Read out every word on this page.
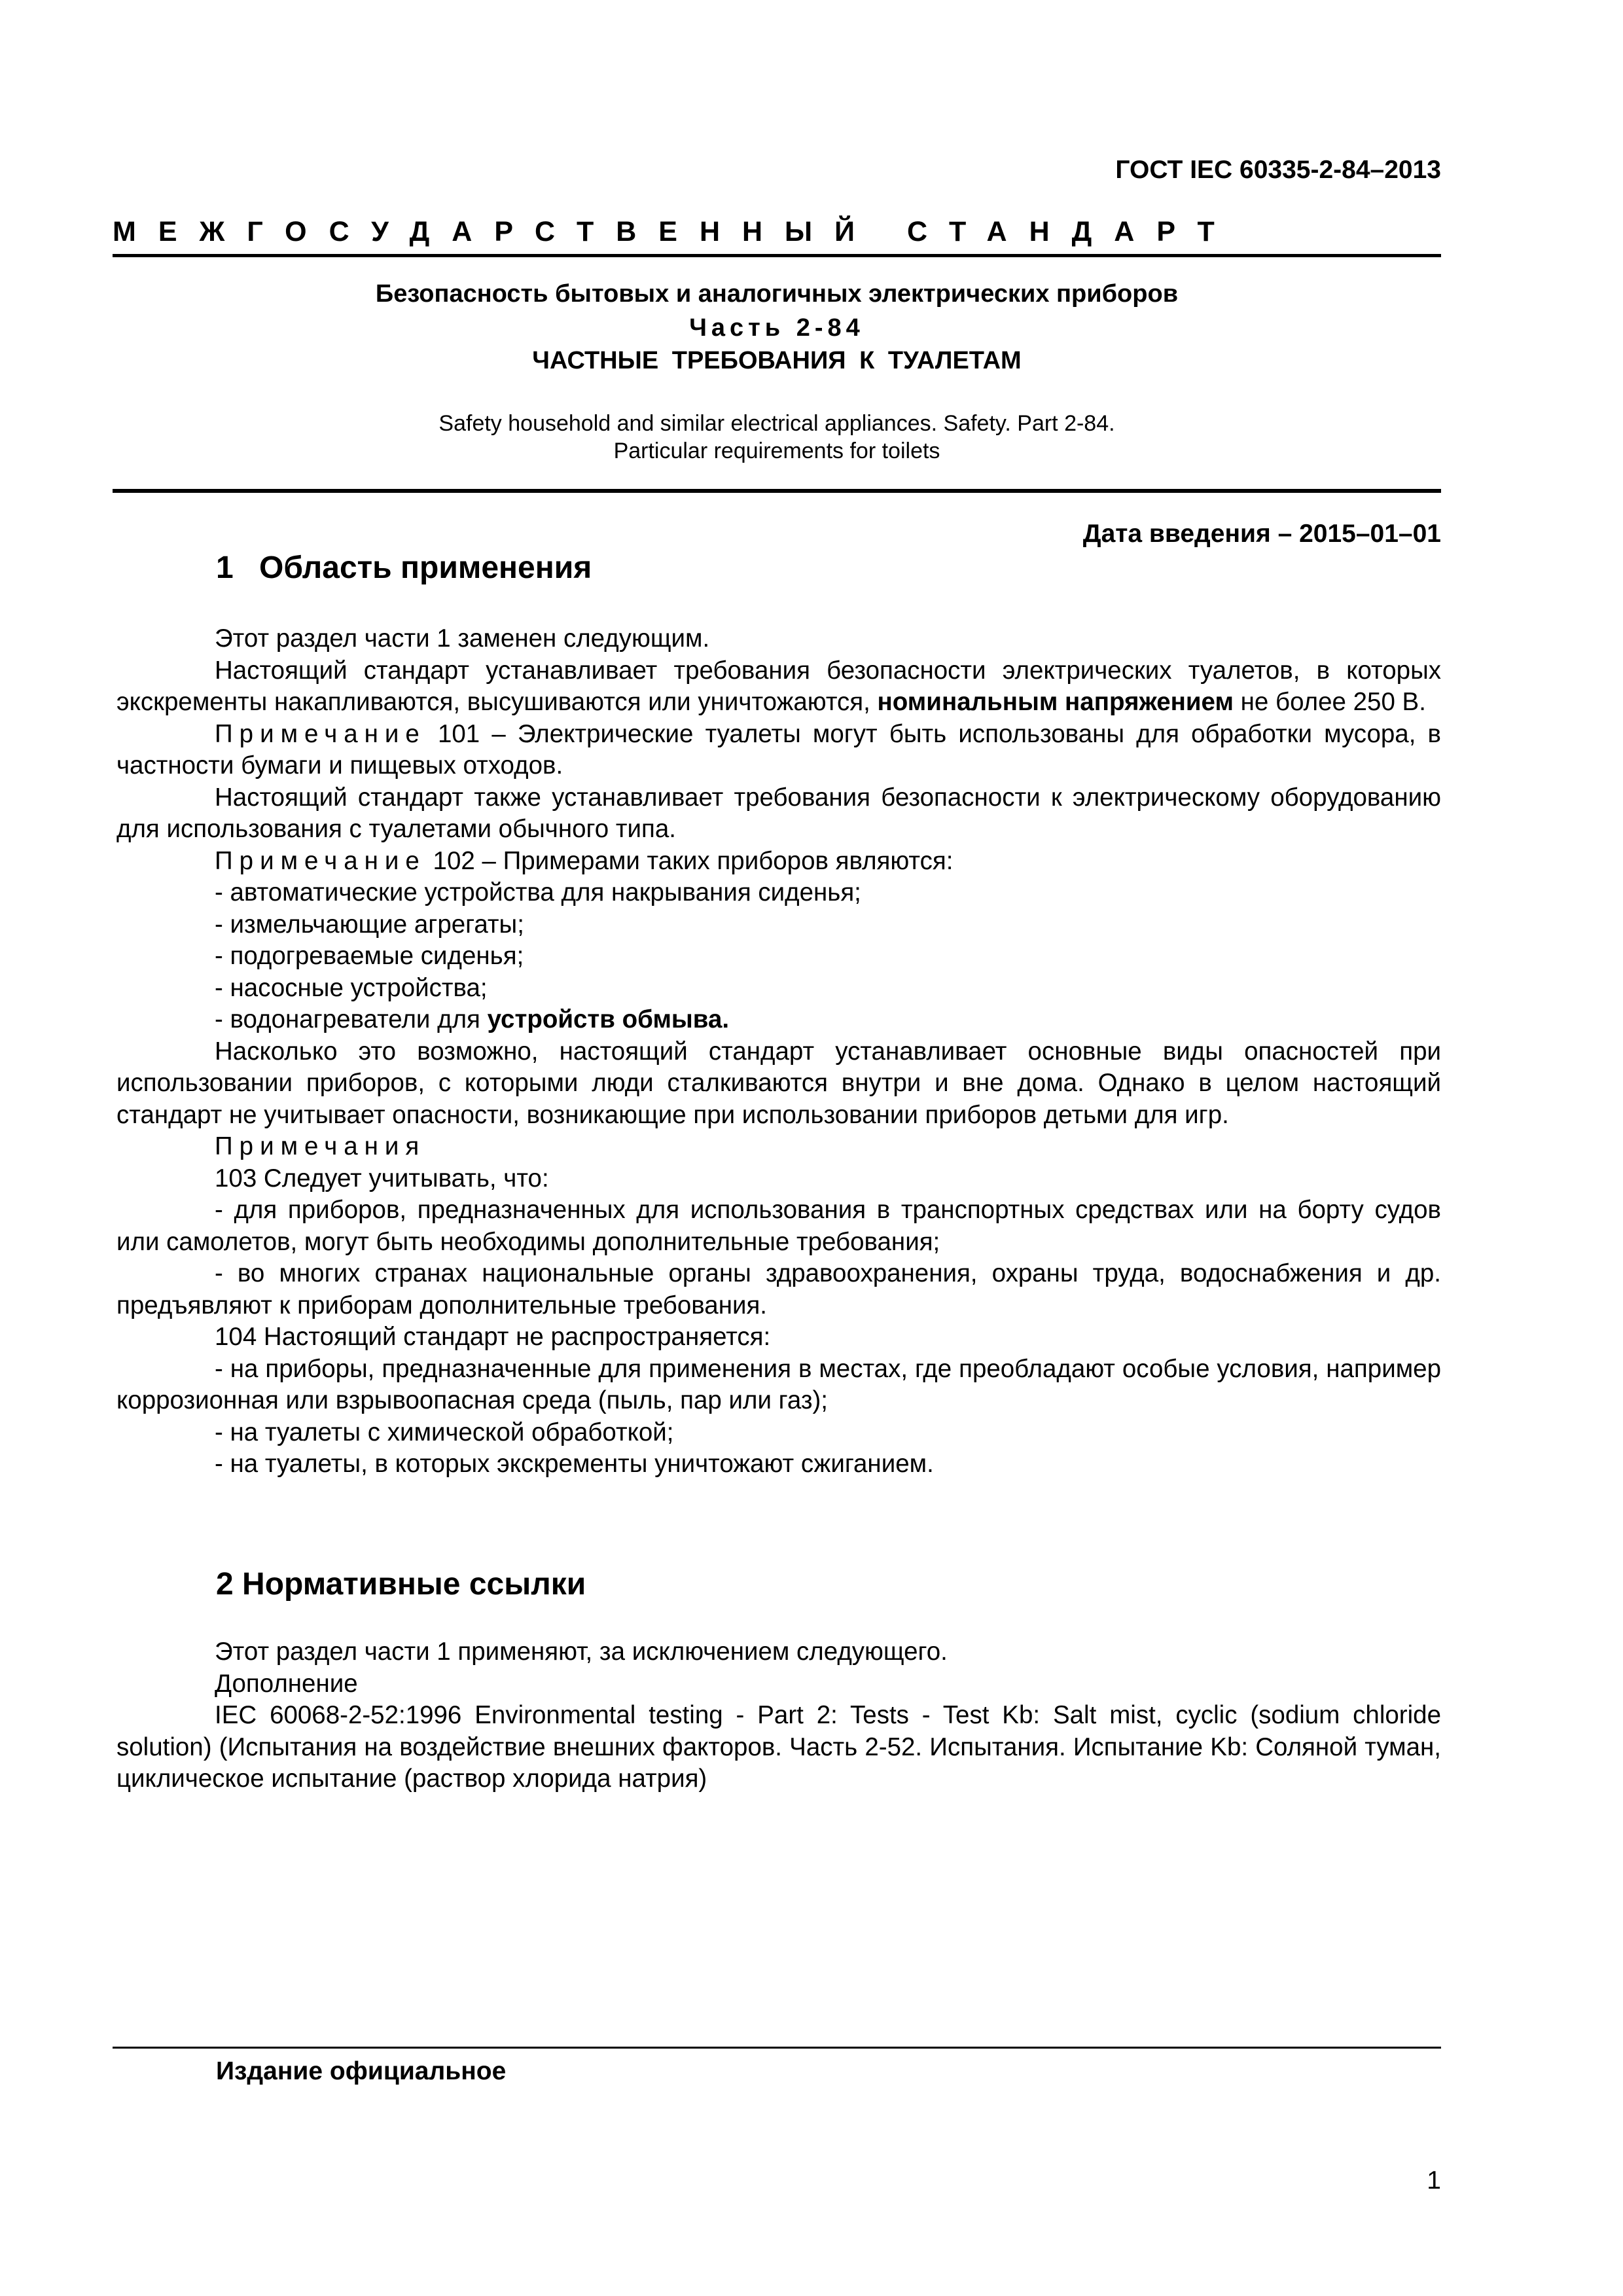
ГОСТ IEC 60335-2-84–2013
МЕЖГОСУДАРСТВЕННЫЙ СТАНДАРТ
Безопасность бытовых и аналогичных электрических приборов
Часть 2-84
ЧАСТНЫЕ ТРЕБОВАНИЯ К ТУАЛЕТАМ
Safety household and similar electrical appliances. Safety. Part 2-84.
Particular requirements for toilets
Дата введения – 2015–01–01
1 Область применения

Этот раздел части 1 заменен следующим.

Настоящий стандарт устанавливает требования безопасности электрических туалетов, в которых экскременты накапливаются, высушиваются или уничтожаются, номинальным напряжением не более 250 В.

Примечание 101 – Электрические туалеты могут быть использованы для обработки мусора, в частности бумаги и пищевых отходов.

Настоящий стандарт также устанавливает требования безопасности к электрическому оборудованию для использования с туалетами обычного типа.

Примечание 102 – Примерами таких приборов являются:

- автоматические устройства для накрывания сиденья;

- измельчающие агрегаты;

- подогреваемые сиденья;

- насосные устройства;

- водонагреватели для устройств обмыва.

Насколько это возможно, настоящий стандарт устанавливает основные виды опасностей при использовании приборов, с которыми люди сталкиваются внутри и вне дома. Однако в целом настоящий стандарт не учитывает опасности, возникающие при использовании приборов детьми для игр.

Примечания

103 Следует учитывать, что:

- для приборов, предназначенных для использования в транспортных средствах или на борту судов или самолетов, могут быть необходимы дополнительные требования;

- во многих странах национальные органы здравоохранения, охраны труда, водоснабжения и др. предъявляют к приборам дополнительные требования.

104 Настоящий стандарт не распространяется:

- на приборы, предназначенные для применения в местах, где преобладают особые условия, например коррозионная или взрывоопасная среда (пыль, пар или газ);

- на туалеты с химической обработкой;

- на туалеты, в которых экскременты уничтожают сжиганием.

2 Нормативные ссылки

Этот раздел части 1 применяют, за исключением следующего.

Дополнение

IEC 60068-2-52:1996 Environmental testing - Part 2: Tests - Test Kb: Salt mist, cyclic (sodium chloride solution) (Испытания на воздействие внешних факторов. Часть 2-52. Испытания. Испытание Kb: Соляной туман, циклическое испытание (раствор хлорида натрия)

Издание официальное
1
